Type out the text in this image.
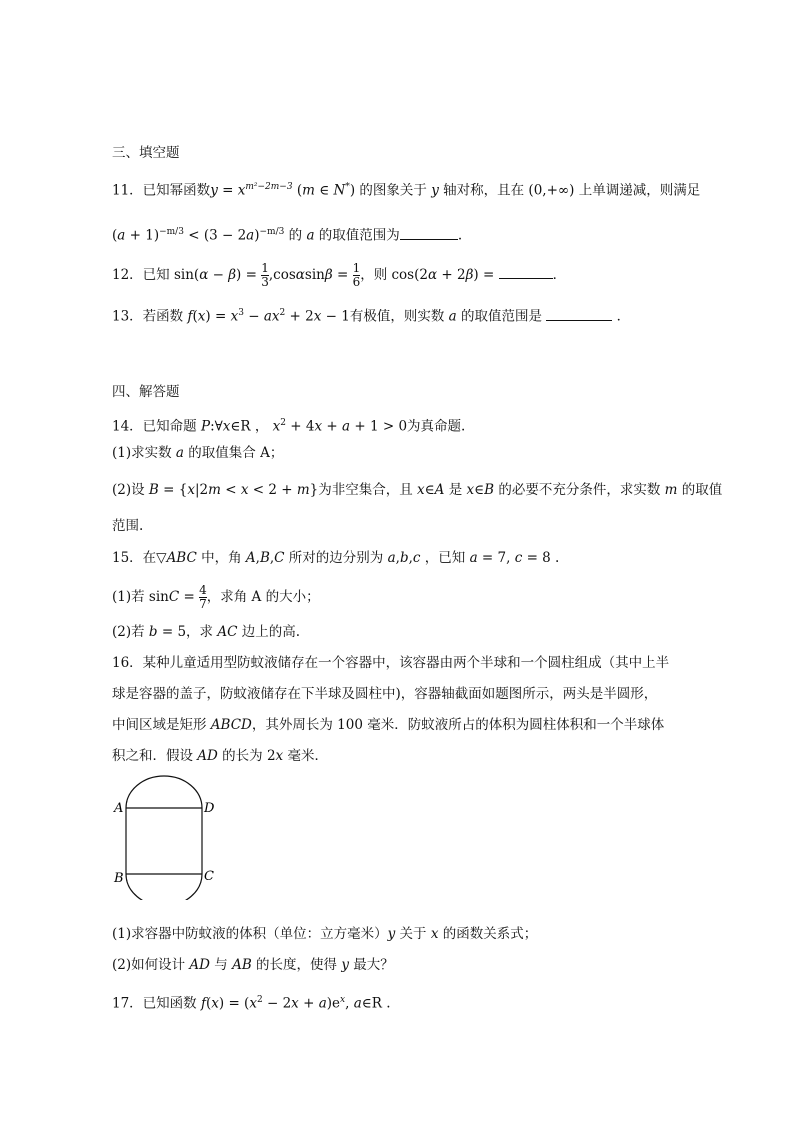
三、填空题
11．已知幂函数$y = x^{m^2-2m-3}$ (m ∈ N*) 的图象关于 y 轴对称，且在 (0,+∞) 上单调递减，则满足
$(a + 1)^{-m/3} < (3 - 2a)^{-m/3}$ 的 a 的取值范围为	.
12．已知 $\sin(\alpha - \beta) = \frac{1}{3} ,\cos\alpha\sin\beta = \frac{1}{6}$ ，则 cos(2α + 2β) =	．
13．若函数 $f(x) = x^3 - ax^2 + 2x - 1$有极值，则实数 a 的取值范围是	．
四、解答题
14．已知命题 P:∀x∈R ， $x^2 + 4x + a + 1 > 0$为真命题.
(1)求实数 a 的取值集合 A；
(2)设 B = {x|2m < x < 2 + m}为非空集合，且 x∈A 是 x∈B 的必要不充分条件，求实数 m 的取值
范围.
15．在▽ABC 中，角 A,B,C 所对的边分别为 a,b,c ，已知 a = 7, c = 8 .
(1)若 $\sin C = \frac{4}{7}$ ，求角 A 的大小；
(2)若 b = 5，求 AC 边上的高.
16．某种儿童适用型防蚊液储存在一个容器中，该容器由两个半球和一个圆柱组成（其中上半
球是容器的盖子，防蚊液储存在下半球及圆柱中)，容器轴截面如题图所示，两头是半圆形，
中间区域是矩形 ABCD，其外周长为 100 毫米．防蚊液所占的体积为圆柱体积和一个半球体
积之和．假设 AD 的长为 2x 毫米．
A	D
B	C
(1)求容器中防蚊液的体积（单位：立方毫米）y 关于 x 的函数关系式；
(2)如何设计 AD 与 AB 的长度，使得 y 最大？
17．已知函数 $f(x) = (x^2 - 2x + a)e^x$, a∈R .
